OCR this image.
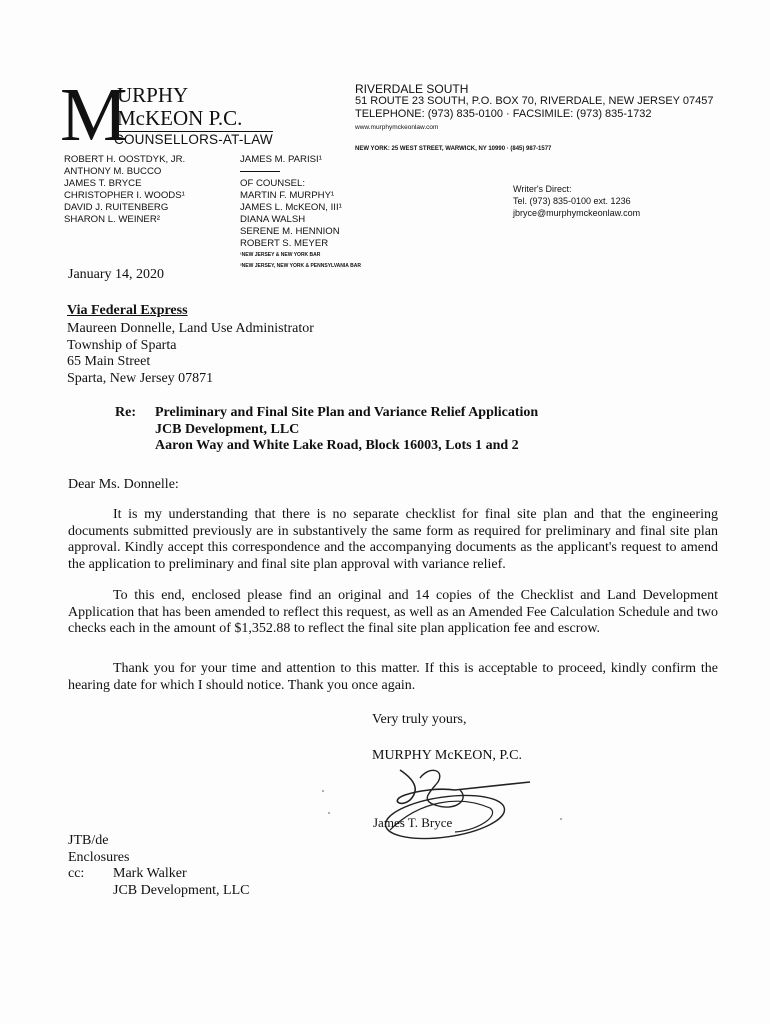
M
URPHY
McKEON P.C.
COUNSELLORS-AT-LAW
RIVERDALE SOUTH
51 ROUTE 23 SOUTH, P.O. BOX 70, RIVERDALE, NEW JERSEY 07457
TELEPHONE: (973) 835-0100 · FACSIMILE: (973) 835-1732
www.murphymckeonlaw.com
NEW YORK: 25 WEST STREET, WARWICK, NY 10990 · (845) 987-1577
ROBERT H. OOSTDYK, JR.
ANTHONY M. BUCCO
JAMES T. BRYCE
CHRISTOPHER I. WOODS¹
DAVID J. RUITENBERG
SHARON L. WEINER²
JAMES M. PARISI¹
OF COUNSEL:
MARTIN F. MURPHY¹
JAMES L. McKEON, III¹
DIANA WALSH
SERENE M. HENNION
ROBERT S. MEYER
¹NEW JERSEY & NEW YORK BAR
²NEW JERSEY, NEW YORK & PENNSYLVANIA BAR
Writer's Direct:
Tel. (973) 835-0100 ext. 1236
jbryce@murphymckeonlaw.com
January 14, 2020
Via Federal Express
Maureen Donnelle, Land Use Administrator
Township of Sparta
65 Main Street
Sparta, New Jersey 07871
Re: Preliminary and Final Site Plan and Variance Relief Application
JCB Development, LLC
Aaron Way and White Lake Road, Block 16003, Lots 1 and 2
Dear Ms. Donnelle:
It is my understanding that there is no separate checklist for final site plan and that the engineering documents submitted previously are in substantively the same form as required for preliminary and final site plan approval. Kindly accept this correspondence and the accompanying documents as the applicant's request to amend the application to preliminary and final site plan approval with variance relief.
To this end, enclosed please find an original and 14 copies of the Checklist and Land Development Application that has been amended to reflect this request, as well as an Amended Fee Calculation Schedule and two checks each in the amount of $1,352.88 to reflect the final site plan application fee and escrow.
Thank you for your time and attention to this matter. If this is acceptable to proceed, kindly confirm the hearing date for which I should notice. Thank you once again.
Very truly yours,
MURPHY McKEON, P.C.
James T. Bryce
JTB/de
Enclosures
cc: Mark Walker
JCB Development, LLC
